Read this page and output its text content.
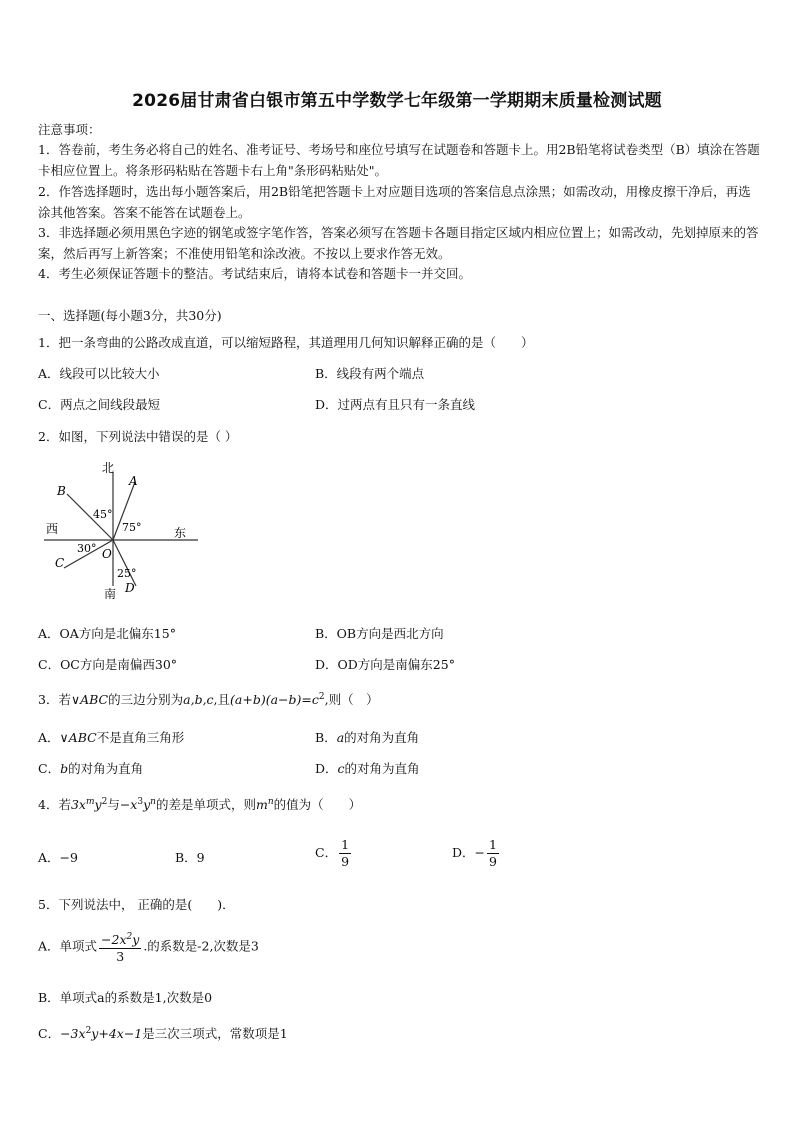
2026届甘肃省白银市第五中学数学七年级第一学期期末质量检测试题
注意事项：
1．答卷前，考生务必将自己的姓名、准考证号、考场号和座位号填写在试题卷和答题卡上。用2B铅笔将试卷类型（B）填涂在答题卡相应位置上。将条形码粘贴在答题卡右上角"条形码粘贴处"。
2．作答选择题时，选出每小题答案后，用2B铅笔把答题卡上对应题目选项的答案信息点涂黑；如需改动，用橡皮擦干净后，再选涂其他答案。答案不能答在试题卷上。
3．非选择题必须用黑色字迹的钢笔或签字笔作答，答案必须写在答题卡各题目指定区域内相应位置上；如需改动，先划掉原来的答案，然后再写上新答案；不准使用铅笔和涂改液。不按以上要求作答无效。
4．考生必须保证答题卡的整洁。考试结束后，请将本试卷和答题卡一并交回。
一、选择题(每小题3分，共30分)
1．把一条弯曲的公路改成直道，可以缩短路程，其道理用几何知识解释正确的是（　　）
A．线段可以比较大小	B．线段有两个端点
C．两点之间线段最短	D．过两点有且只有一条直线
2．如图，下列说法中错误的是（ ）
北
南
西	东
A
B
C
D
O
75°
45°
30°
25°
A．OA方向是北偏东15°	B．OB方向是西北方向
C．OC方向是南偏西30°	D．OD方向是南偏东25°
3．若∨ABC的三边分别为a,b,c,且$(a+b)(a-b)=c^2$,则（　）
A．∨ABC不是直角三角形	B．a的对角为直角
C．b的对角为直角	D．c的对角为直角
4．若$3x^my^2$与$-x^3y^n$的差是单项式，则$m^n$的值为（　　）
A．−9	B．9	C． $\frac{1}{9}$	D．− $\frac{1}{9}$
5．下列说法中， 正确的是(　　)．
A．单项式 $\frac{-2x^2y}{3}$ .的系数是-2,次数是3
B．单项式a的系数是1,次数是0
C．$-3x^2y+4x-1$是三次三项式，常数项是1
